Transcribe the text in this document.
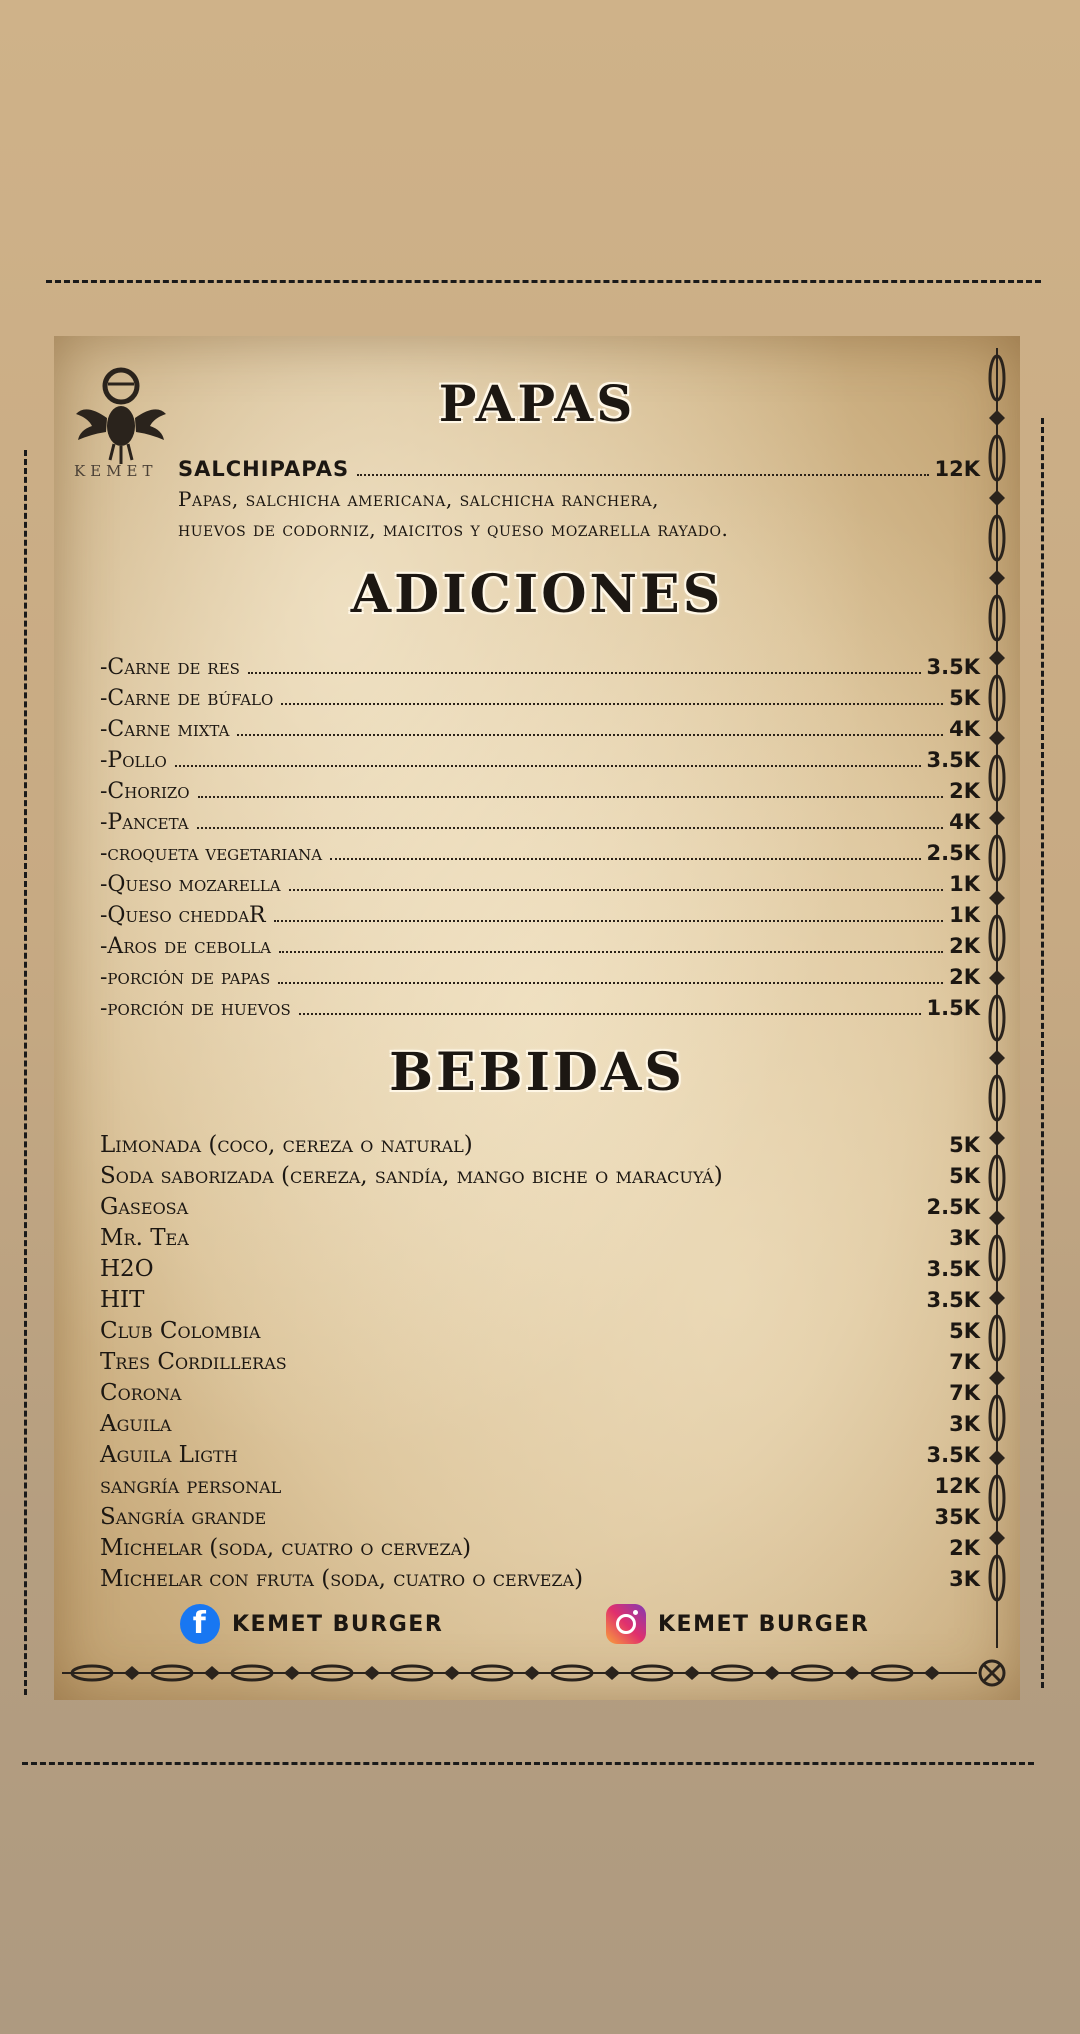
KEMET
PAPAS
SALCHIPAPAS	12K
Papas, salchicha americana, salchicha ranchera,
huevos de codorniz, maicitos y queso mozarella rayado.
ADICIONES
-Carne de res	3.5K
-Carne de búfalo	5K
-Carne mixta	4K
-Pollo	3.5K
-Chorizo	2K
-Panceta	4K
-croqueta vegetariana	2.5K
-Queso mozarella	1K
-Queso cheddaR	1K
-Aros de cebolla	2K
-porción de papas	2K
-porción de huevos	1.5K
BEBIDAS
Limonada (coco, cereza o natural)	5K
Soda saborizada (cereza, sandía, mango biche o maracuyá)	5K
Gaseosa	2.5K
Mr. Tea	3K
H2O	3.5K
HIT	3.5K
Club Colombia	5K
Tres Cordilleras	7K
Corona	7K
Aguila	3K
Aguila Ligth	3.5K
sangría personal	12K
Sangría grande	35K
Michelar (soda, cuatro o cerveza)	2K
Michelar con fruta (soda, cuatro o cerveza)	3K
f	KEMET BURGER	KEMET BURGER
